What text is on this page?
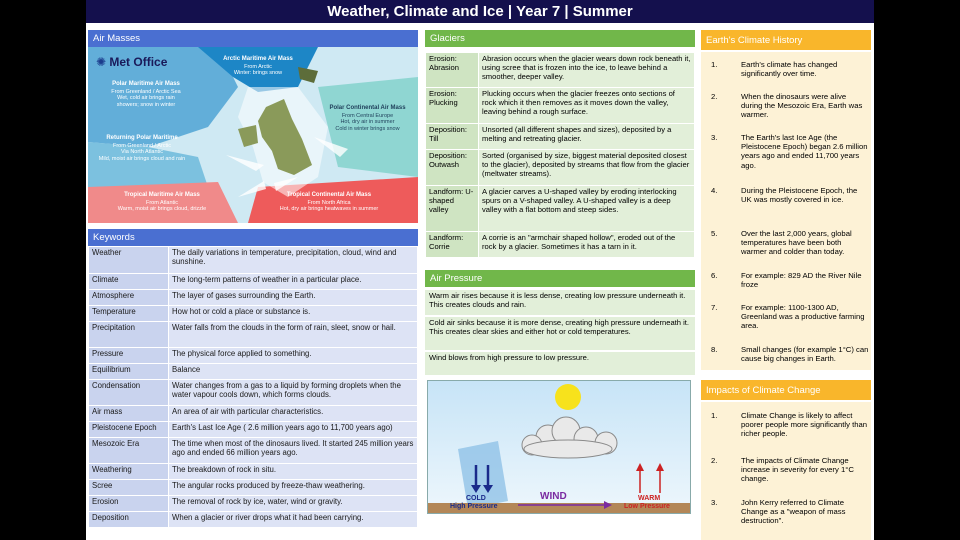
Weather, Climate and Ice | Year 7 | Summer
Air Masses
✺ Met Office	Arctic Maritime Air Mass
From Arctic
Winter: brings snow
Polar Maritime Air Mass
From Greenland / Arctic Sea
Wet, cold air brings rain
showers; snow in winter	Polar Continental Air Mass
From Central Europe
Hot, dry air in summer
Cold in winter brings snow
Returning Polar Maritime
From Greenland / Arctic
Via North Atlantic
Mild, moist air brings cloud and rain
Tropical Maritime Air Mass
From Atlantic
Warm, moist air brings cloud, drizzle
Tropical Continental Air Mass
From North Africa
Hot, dry air brings heatwaves in summer
Keywords
Weather	The daily variations in temperature, precipitation, cloud, wind and sunshine.
Climate	The long-term patterns of weather in a particular place.
Atmosphere	The layer of gases surrounding the Earth.
Temperature	How hot or cold a place or substance is.
Precipitation	Water falls from the clouds in the form of rain, sleet, snow or hail.
Pressure	The physical force applied to something.
Equilibrium	Balance
Condensation	Water changes from a gas to a liquid by forming droplets when the water vapour cools down, which forms clouds.
Air mass	An area of air with particular characteristics.
Pleistocene Epoch	Earth's Last Ice Age ( 2.6 million years ago to 11,700 years ago)
Mesozoic Era	The time when most of the dinosaurs lived. It started 245 million years ago and ended 66 million years ago.
Weathering	The breakdown of rock in situ.
Scree	The angular rocks produced by freeze-thaw weathering.
Erosion	The removal of rock by ice, water, wind or gravity.
Deposition	When a glacier or river drops what it had been carrying.
Glaciers
Erosion: Abrasion	Abrasion occurs when the glacier wears down rock beneath it, using scree that is frozen into the ice, to leave behind a smoother, deeper valley.
Erosion: Plucking	Plucking occurs when the glacier freezes onto sections of rock which it then removes as it moves down the valley, leaving behind a rough surface.
Deposition: Till	Unsorted (all different shapes and sizes), deposited by a melting and retreating glacier.
Deposition: Outwash	Sorted (organised by size, biggest material deposited closest to the glacier), deposited by streams that flow from the glacier (meltwater streams).
Landform: U-shaped valley	A glacier carves a U-shaped valley by eroding interlocking spurs on a V-shaped valley. A U-shaped valley is a deep valley with a flat bottom and steep sides.
Landform: Corrie	A corrie is an "armchair shaped hollow", eroded out of the rock by a glacier. Sometimes it has a tarn in it.
Air Pressure
Warm air rises because it is less dense, creating low pressure underneath it. This creates clouds and rain.
Cold air sinks because it is more dense, creating high pressure underneath it. This creates clear skies and either hot or cold temperatures.
Wind blows from high pressure to low pressure.
COLD
High Pressure
WIND	WARM
Low Pressure
Earth's Climate History
1.	Earth's climate has changed significantly over time.
2.	When the dinosaurs were alive during the Mesozoic Era, Earth was warmer.
3.	The Earth's last Ice Age (the Pleistocene Epoch) began 2.6 million years ago and ended 11,700 years ago.
4.	During the Pleistocene Epoch, the UK was mostly covered in ice.
5.	Over the last 2,000 years, global temperatures have been both warmer and colder than today.
6.	For example: 829 AD the River Nile froze
7.	For example: 1100-1300 AD, Greenland was a productive farming area.
8.	Small changes (for example 1°C) can cause big changes in Earth.
Impacts of Climate Change
1.	Climate Change is likely to affect poorer people more significantly than richer people.
2.	The impacts of Climate Change increase in severity for every 1°C change.
3.	John Kerry referred to Climate Change as a "weapon of mass destruction".
